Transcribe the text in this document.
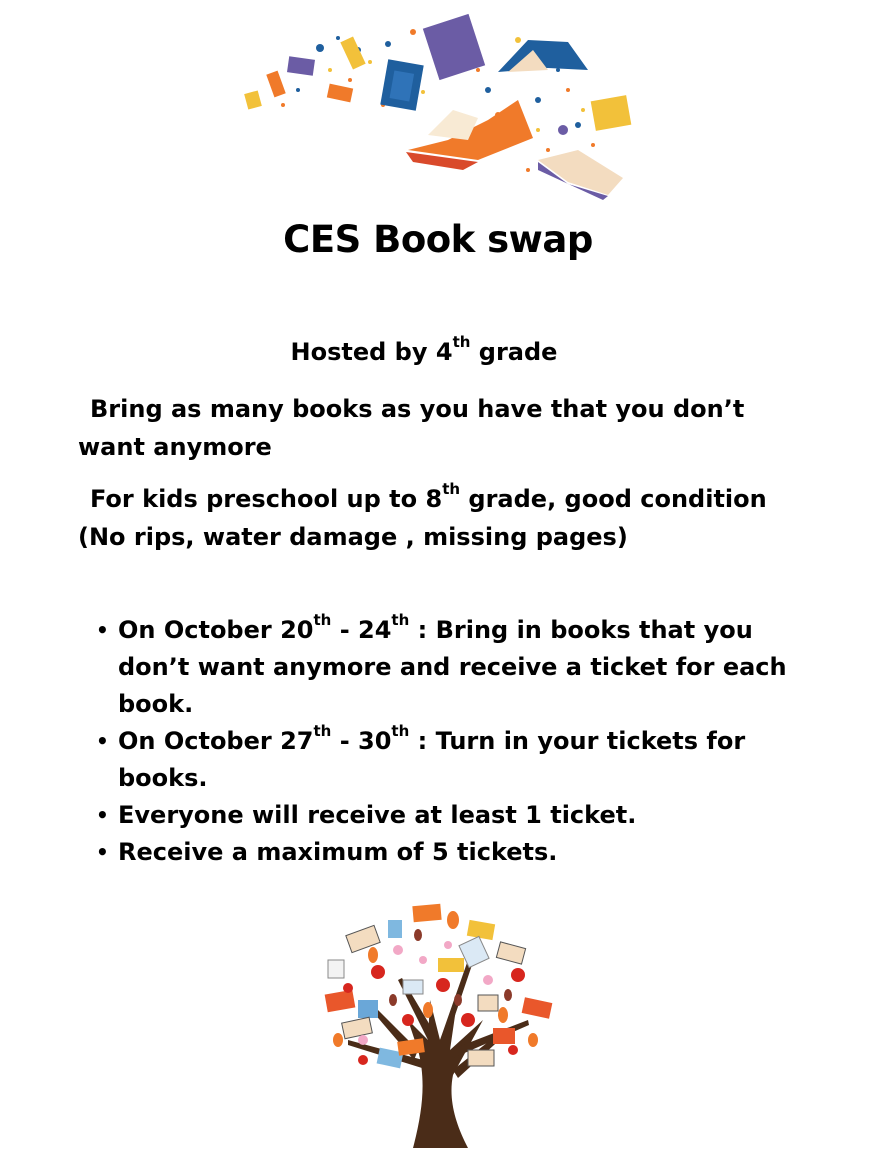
CES Book swap
Hosted by 4th grade
Bring as many books as you have that you don’t want anymore
For kids preschool up to 8th grade, good condition (No rips, water damage , missing pages)
• On October 20th - 24th : Bring in books that you don’t want anymore and receive a ticket for each book.
• On October 27th - 30th : Turn in your tickets for books.
• Everyone will receive at least 1 ticket.
• Receive a maximum of 5 tickets.
